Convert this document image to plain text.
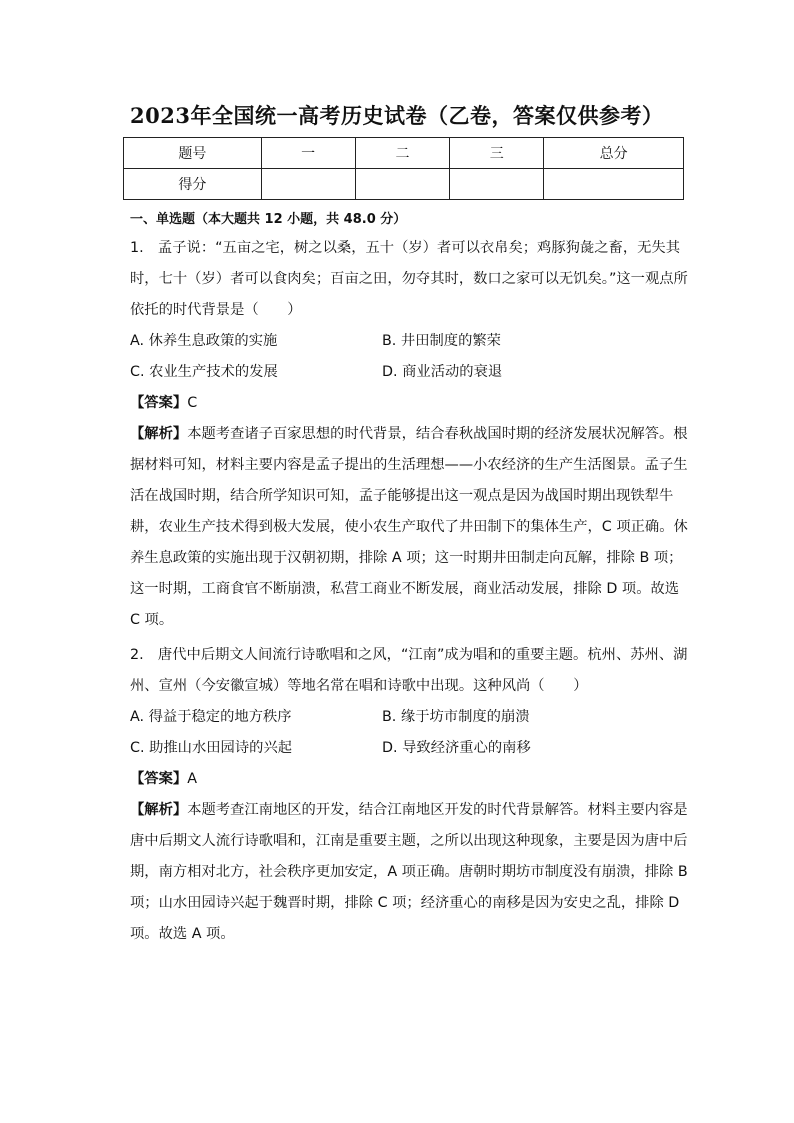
2023年全国统一高考历史试卷（乙卷，答案仅供参考）
题号	一	二	三	总分
得分				
一、单选题（本大题共 12 小题，共 48.0 分）

1.　孟子说：“五亩之宅，树之以桑，五十（岁）者可以衣帛矣；鸡豚狗彘之畜，无失其时，七十（岁）者可以食肉矣；百亩之田，勿夺其时，数口之家可以无饥矣。”这一观点所依托的时代背景是（　　）

A. 休养生息政策的实施	B. 井田制度的繁荣
C. 农业生产技术的发展	D. 商业活动的衰退

【答案】C

【解析】本题考查诸子百家思想的时代背景，结合春秋战国时期的经济发展状况解答。根据材料可知，材料主要内容是孟子提出的生活理想——小农经济的生产生活图景。孟子生活在战国时期，结合所学知识可知，孟子能够提出这一观点是因为战国时期出现铁犁牛耕，农业生产技术得到极大发展，使小农生产取代了井田制下的集体生产，C 项正确。休养生息政策的实施出现于汉朝初期，排除 A 项；这一时期井田制走向瓦解，排除 B 项；这一时期，工商食官不断崩溃，私营工商业不断发展，商业活动发展，排除 D 项。故选 C 项。

2.　唐代中后期文人间流行诗歌唱和之风，“江南”成为唱和的重要主题。杭州、苏州、湖州、宣州（今安徽宣城）等地名常在唱和诗歌中出现。这种风尚（　　）

A. 得益于稳定的地方秩序	B. 缘于坊市制度的崩溃
C. 助推山水田园诗的兴起	D. 导致经济重心的南移

【答案】A

【解析】本题考查江南地区的开发，结合江南地区开发的时代背景解答。材料主要内容是唐中后期文人流行诗歌唱和，江南是重要主题，之所以出现这种现象，主要是因为唐中后期，南方相对北方，社会秩序更加安定，A 项正确。唐朝时期坊市制度没有崩溃，排除 B 项；山水田园诗兴起于魏晋时期，排除 C 项；经济重心的南移是因为安史之乱，排除 D 项。故选 A 项。
